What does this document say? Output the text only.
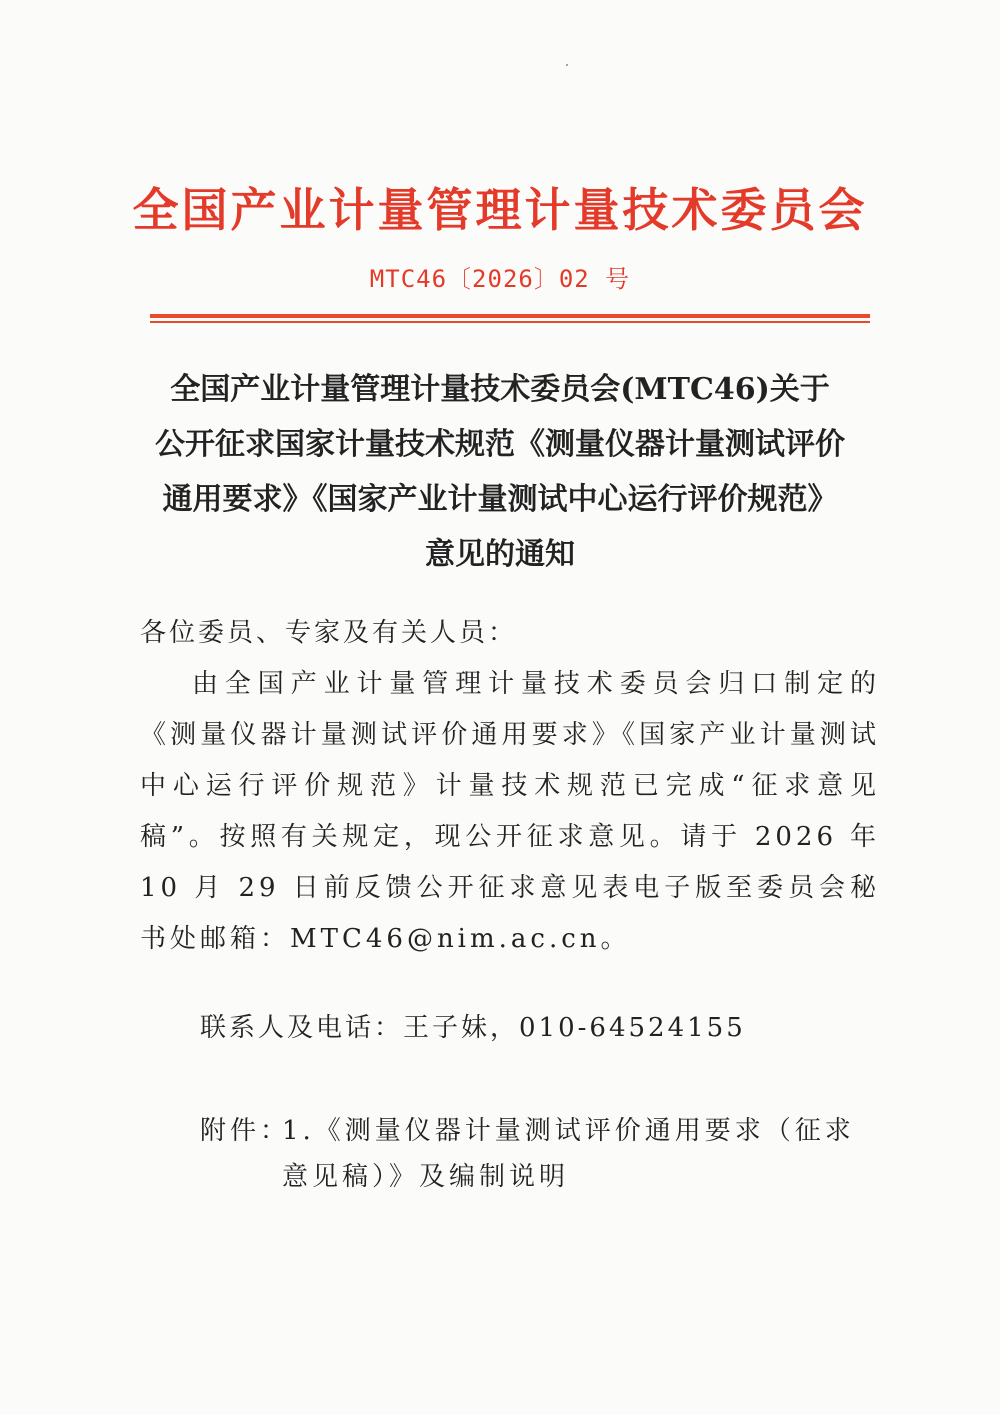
全国产业计量管理计量技术委员会
MTC46〔2026〕02 号
全国产业计量管理计量技术委员会(MTC46)关于
公开征求国家计量技术规范《测量仪器计量测试评价
通用要求》《国家产业计量测试中心运行评价规范》
意见的通知
各位委员、专家及有关人员：
由全国产业计量管理计量技术委员会归口制定的《测量仪器计量测试评价通用要求》《国家产业计量测试中心运行评价规范》计量技术规范已完成“征求意见稿”。按照有关规定，现公开征求意见。请于 2026 年 10 月 29 日前反馈公开征求意见表电子版至委员会秘书处邮箱：MTC46@nim.ac.cn。
联系人及电话：王子妹，010-64524155
附件：
1.《测量仪器计量测试评价通用要求（征求意见稿）》及编制说明
